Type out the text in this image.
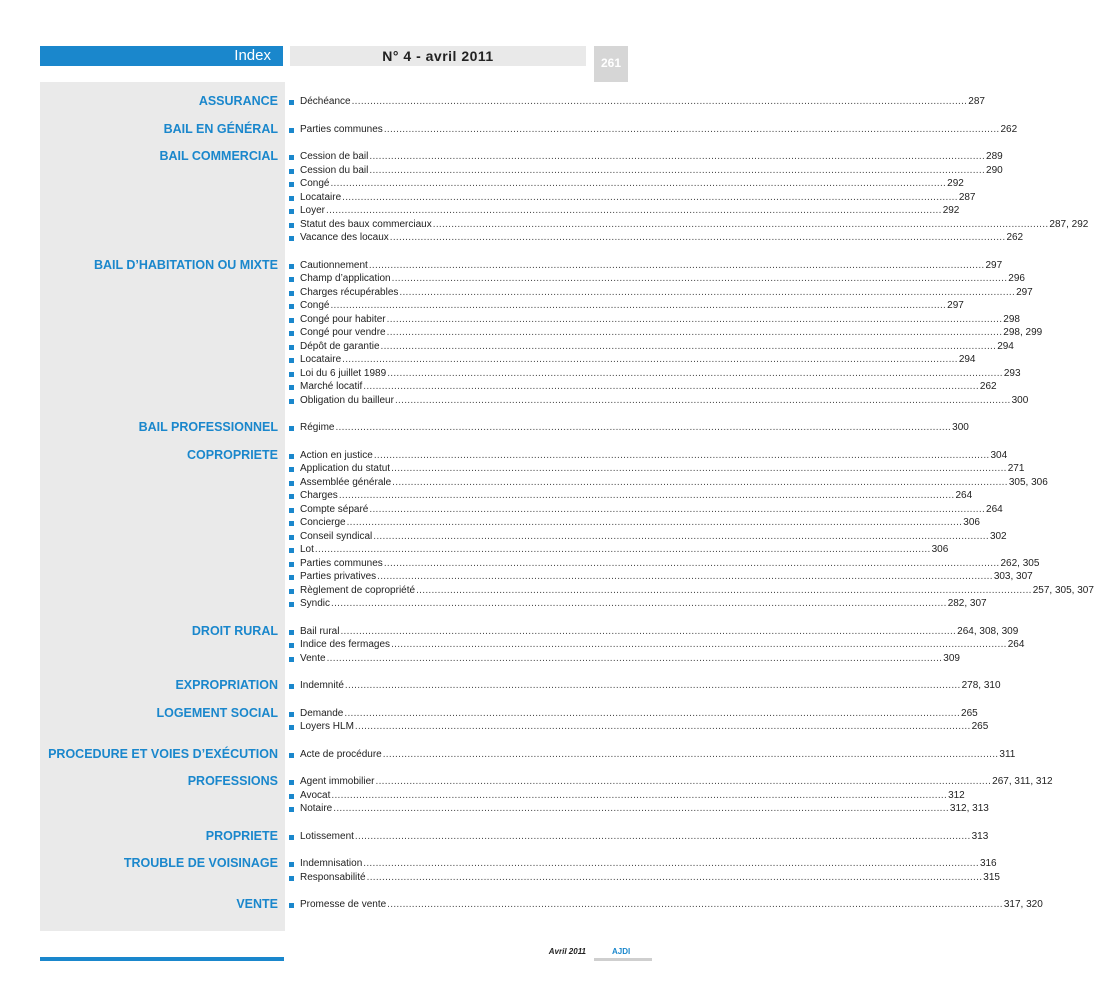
Index	N° 4 - avril 2011	261
ASSURANCE Déchéance ........................................................................................................................................................................................................ 287
BAIL EN GÉNÉRAL Parties communes ........................................................................................................................................................................................................ 262
BAIL COMMERCIAL Cession de bail ........................................................................................................................................................................................................ 289
Cession du bail ........................................................................................................................................................................................................ 290
Congé ........................................................................................................................................................................................................ 292
Locataire ........................................................................................................................................................................................................ 287
Loyer ........................................................................................................................................................................................................ 292
Statut des baux commerciaux ........................................................................................................................................................................................................ 287, 292
Vacance des locaux ........................................................................................................................................................................................................ 262
BAIL D’HABITATION OU MIXTE Cautionnement ........................................................................................................................................................................................................ 297
Champ d’application ........................................................................................................................................................................................................ 296
Charges récupérables ........................................................................................................................................................................................................ 297
Congé ........................................................................................................................................................................................................ 297
Congé pour habiter ........................................................................................................................................................................................................ 298
Congé pour vendre ........................................................................................................................................................................................................ 298, 299
Dépôt de garantie ........................................................................................................................................................................................................ 294
Locataire ........................................................................................................................................................................................................ 294
Loi du 6 juillet 1989 ........................................................................................................................................................................................................ 293
Marché locatif ........................................................................................................................................................................................................ 262
Obligation du bailleur ........................................................................................................................................................................................................ 300
BAIL PROFESSIONNEL Régime ........................................................................................................................................................................................................ 300
COPROPRIETE Action en justice ........................................................................................................................................................................................................ 304
Application du statut ........................................................................................................................................................................................................ 271
Assemblée générale ........................................................................................................................................................................................................ 305, 306
Charges ........................................................................................................................................................................................................ 264
Compte séparé ........................................................................................................................................................................................................ 264
Concierge ........................................................................................................................................................................................................ 306
Conseil syndical ........................................................................................................................................................................................................ 302
Lot ........................................................................................................................................................................................................ 306
Parties communes ........................................................................................................................................................................................................ 262, 305
Parties privatives ........................................................................................................................................................................................................ 303, 307
Règlement de copropriété ........................................................................................................................................................................................................ 257, 305, 307
Syndic ........................................................................................................................................................................................................ 282, 307
DROIT RURAL Bail rural ........................................................................................................................................................................................................ 264, 308, 309
Indice des fermages ........................................................................................................................................................................................................ 264
Vente ........................................................................................................................................................................................................ 309
EXPROPRIATION Indemnité ........................................................................................................................................................................................................ 278, 310
LOGEMENT SOCIAL Demande ........................................................................................................................................................................................................ 265
Loyers HLM ........................................................................................................................................................................................................ 265
PROCEDURE ET VOIES D’EXÉCUTION Acte de procédure ........................................................................................................................................................................................................ 311
PROFESSIONS Agent immobilier ........................................................................................................................................................................................................ 267, 311, 312
Avocat ........................................................................................................................................................................................................ 312
Notaire ........................................................................................................................................................................................................ 312, 313
PROPRIETE Lotissement ........................................................................................................................................................................................................ 313
TROUBLE DE VOISINAGE Indemnisation ........................................................................................................................................................................................................ 316
Responsabilité ........................................................................................................................................................................................................ 315
VENTE Promesse de vente ........................................................................................................................................................................................................ 317, 320
Avril 2011	AJDI
